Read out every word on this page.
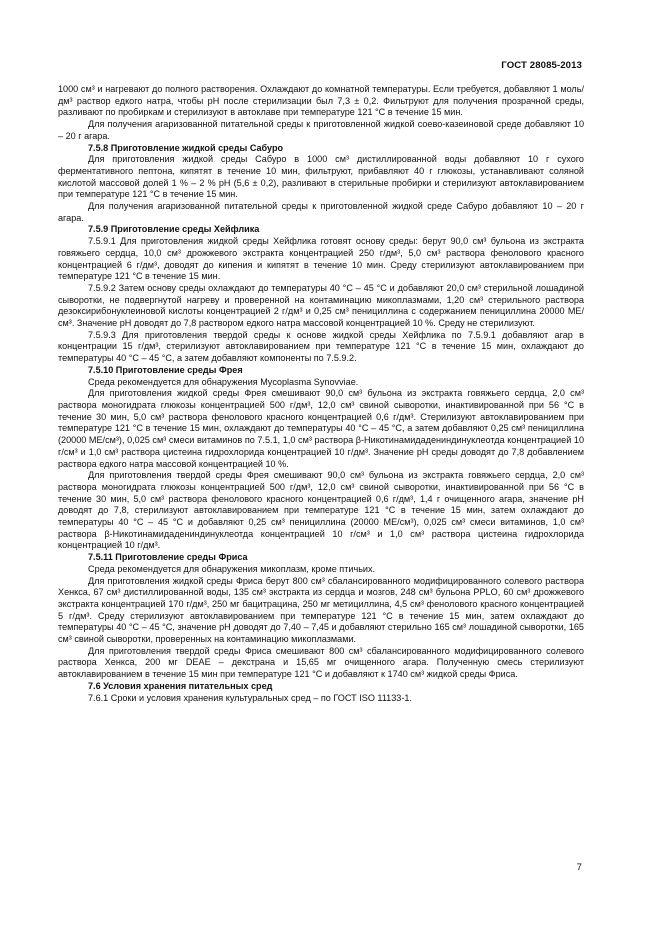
ГОСТ 28085-2013

1000 см³ и нагревают до полного растворения. Охлаждают до комнатной температуры. Если требуется, добавляют 1 моль/дм³ раствор едкого натра, чтобы рН после стерилизации был 7,3 ± 0,2. Фильтруют для получения прозрачной среды, разливают по пробиркам и стерилизуют в автоклаве при температуре 121 °С в течение 15 мин.

Для получения агаризованной питательной среды к приготовленной жидкой соево-казеиновой среде добавляют 10 – 20 г агара.

7.5.8 Приготовление жидкой среды Сабуро

Для приготовления жидкой среды Сабуро в 1000 см³ дистиллированной воды добавляют 10 г сухого ферментативного пептона, кипятят в течение 10 мин, фильтруют, прибавляют 40 г глюкозы, устанавливают соляной кислотой массовой долей 1 % – 2 % рН (5,6 ± 0,2), разливают в стерильные пробирки и стерилизуют автоклавированием при температуре 121 °С в течение 15 мин.

Для получения агаризованной питательной среды к приготовленной жидкой среде Сабуро добавляют 10 – 20 г агара.

7.5.9 Приготовление среды Хейфлика

7.5.9.1 Для приготовления жидкой среды Хейфлика готовят основу среды: берут 90,0 см³ бульона из экстракта говяжьего сердца, 10,0 см³ дрожжевого экстракта концентрацией 250 г/дм³, 5,0 см³ раствора фенолового красного концентрацией 6 г/дм³, доводят до кипения и кипятят в течение 10 мин. Среду стерилизуют автоклавированием при температуре 121 °С в течение 15 мин.

7.5.9.2 Затем основу среды охлаждают до температуры 40 °С – 45 °С и добавляют 20,0 см³ стерильной лошадиной сыворотки, не подвергнутой нагреву и проверенной на контаминацию микоплазмами, 1,20 см³ стерильного раствора дезоксирибонуклеиновой кислоты концентрацией 2 г/дм³ и 0,25 см³ пенициллина с содержанием пенициллина 20000 МЕ/см³. Значение рН доводят до 7,8 раствором едкого натра массовой концентрацией 10 %. Среду не стерилизуют.

7.5.9.3 Для приготовления твердой среды к основе жидкой среды Хейфлика по 7.5.9.1 добавляют агар в концентрации 15 г/дм³, стерилизуют автоклавированием при температуре 121 °С в течение 15 мин, охлаждают до температуры 40 °С – 45 °С, а затем добавляют компоненты по 7.5.9.2.

7.5.10 Приготовление среды Фрея

Среда рекомендуется для обнаружения Mycoplasma Synovviae.

Для приготовления жидкой среды Фрея смешивают 90,0 см³ бульона из экстракта говяжьего сердца, 2,0 см³ раствора моногидрата глюкозы концентрацией 500 г/дм³, 12,0 см³ свиной сыворотки, инактивированной при 56 °С в течение 30 мин, 5,0 см³ раствора фенолового красного концентрацией 0,6 г/дм³. Стерилизуют автоклавированием при температуре 121 °С в течение 15 мин, охлаждают до температуры 40 °С – 45 °С, а затем добавляют 0,25 см³ пенициллина (20000 МЕ/см³), 0,025 см³ смеси витаминов по 7.5.1, 1,0 см³ раствора β-Никотинамидадениндинуклеотда концентрацией 10 г/см³ и 1,0 см³ раствора цистеина гидрохлорида концентрацией 10 г/дм³. Значение рН среды доводят до 7,8 добавлением раствора едкого натра массовой концентрацией 10 %.

Для приготовления твердой среды Фрея смешивают 90,0 см³ бульона из экстракта говяжьего сердца, 2,0 см³ раствора моногидрата глюкозы концентрацией 500 г/дм³, 12,0 см³ свиной сыворотки, инактивированной при 56 °С в течение 30 мин, 5,0 см³ раствора фенолового красного концентрацией 0,6 г/дм³, 1,4 г очищенного агара, значение рН доводят до 7,8, стерилизуют автоклавированием при температуре 121 °С в течение 15 мин, затем охлаждают до температуры 40 °С – 45 °С и добавляют 0,25 см³ пенициллина (20000 МЕ/см³), 0,025 см³ смеси витаминов, 1,0 см³ раствора β-Никотинамидадениндинуклеотда концентрацией 10 г/см³ и 1,0 см³ раствора цистеина гидрохлорида концентрацией 10 г/дм³.

7.5.11 Приготовление среды Фриса

Среда рекомендуется для обнаружения микоплазм, кроме птичьих.

Для приготовления жидкой среды Фриса берут 800 см³ сбалансированного модифицированного солевого раствора Хенкса, 67 см³ дистиллированной воды, 135 см³ экстракта из сердца и мозгов, 248 см³ бульона PPLO, 60 см³ дрожжевого экстракта концентрацией 170 г/дм³, 250 мг бацитрацина, 250 мг метициллина, 4,5 см³ фенолового красного концентрацией 5 г/дм³. Среду стерилизуют автоклавированием при температуре 121 °С в течение 15 мин, затем охлаждают до температуры 40 °С – 45 °С, значение рН доводят до 7,40 – 7,45 и добавляют стерильно 165 см³ лошадиной сыворотки, 165 см³ свиной сыворотки, проверенных на контаминацию микоплазмами.

Для приготовления твердой среды Фриса смешивают 800 см³ сбалансированного модифицированного солевого раствора Хенкса, 200 мг DEAE – декстрана и 15,65 мг очищенного агара. Полученную смесь стерилизуют автоклавированием в течение 15 мин при температуре 121 °С и добавляют к 1740 см³ жидкой среды Фриса.

7.6 Условия хранения питательных сред

7.6.1 Сроки и условия хранения культуральных сред – по ГОСТ ISO 11133-1.

7
